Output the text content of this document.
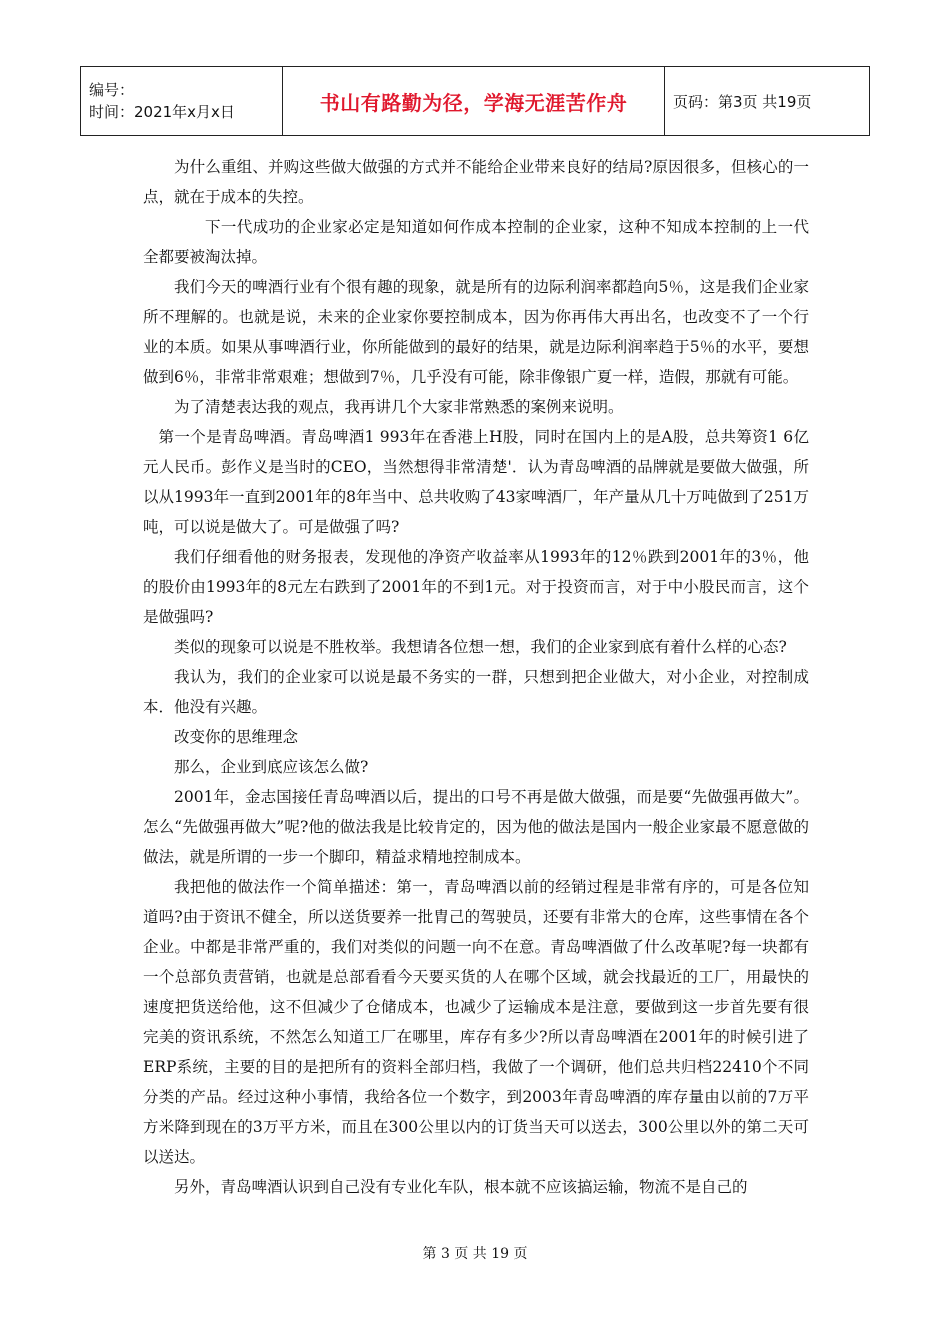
编号：
时间：2021年x月x日	书山有路勤为径，学海无涯苦作舟	页码：第3页 共19页

为什么重组、并购这些做大做强的方式并不能给企业带来良好的结局?原因很多，但核心的一点，就在于成本的失控。

下一代成功的企业家必定是知道如何作成本控制的企业家，这种不知成本控制的上一代全都要被淘汰掉。

我们今天的啤酒行业有个很有趣的现象，就是所有的边际利润率都趋向5％，这是我们企业家所不理解的。也就是说，未来的企业家你要控制成本，因为你再伟大再出名，也改变不了一个行业的本质。如果从事啤酒行业，你所能做到的最好的结果，就是边际利润率趋于5％的水平，要想做到6％，非常非常艰难；想做到7％，几乎没有可能，除非像银广夏一样，造假，那就有可能。

为了清楚表达我的观点，我再讲几个大家非常熟悉的案例来说明。

第一个是青岛啤酒。青岛啤酒1 993年在香港上H股，同时在国内上的是A股，总共筹资1 6亿元人民币。彭作义是当时的CEO，当然想得非常清楚'．认为青岛啤酒的品牌就是要做大做强，所以从1993年一直到2001年的8年当中、总共收购了43家啤酒厂，年产量从几十万吨做到了251万吨，可以说是做大了。可是做强了吗?

我们仔细看他的财务报表，发现他的净资产收益率从1993年的12％跌到2001年的3％，他的股价由1993年的8元左右跌到了2001年的不到1元。对于投资而言，对于中小股民而言，这个是做强吗?

类似的现象可以说是不胜枚举。我想请各位想一想，我们的企业家到底有着什么样的心态?

我认为，我们的企业家可以说是最不务实的一群，只想到把企业做大，对小企业，对控制成本．他没有兴趣。

改变你的思维理念

那么，企业到底应该怎么做?

2001年，金志国接任青岛啤酒以后，提出的口号不再是做大做强，而是要“先做强再做大”。怎么“先做强再做大”呢?他的做法我是比较肯定的，因为他的做法是国内一般企业家最不愿意做的做法，就是所谓的一步一个脚印，精益求精地控制成本。

我把他的做法作一个简单描述：第一，青岛啤酒以前的经销过程是非常有序的，可是各位知道吗?由于资讯不健全，所以送货要养一批胄己的驾驶员，还要有非常大的仓库，这些事情在各个企业。中都是非常严重的，我们对类似的问题一向不在意。青岛啤酒做了什么改革呢?每一块都有一个总部负责营销，也就是总部看看今天要买货的人在哪个区域，就会找最近的工厂，用最快的速度把货送给他，这不但减少了仓储成本，也减少了运输成本是注意，要做到这一步首先要有很完美的资讯系统，不然怎么知道工厂在哪里，库存有多少?所以青岛啤酒在2001年的时候引进了ERP系统，主要的目的是把所有的资料全部归档，我做了一个调研，他们总共归档22410个不同分类的产品。经过这种小事情，我给各位一个数字，到2003年青岛啤酒的库存量由以前的7万平方米降到现在的3万平方米，而且在300公里以内的订货当天可以送去，300公里以外的第二天可以送达。

另外，青岛啤酒认识到自己没有专业化车队，根本就不应该搞运输，物流不是自己的

第 3 页 共 19 页
